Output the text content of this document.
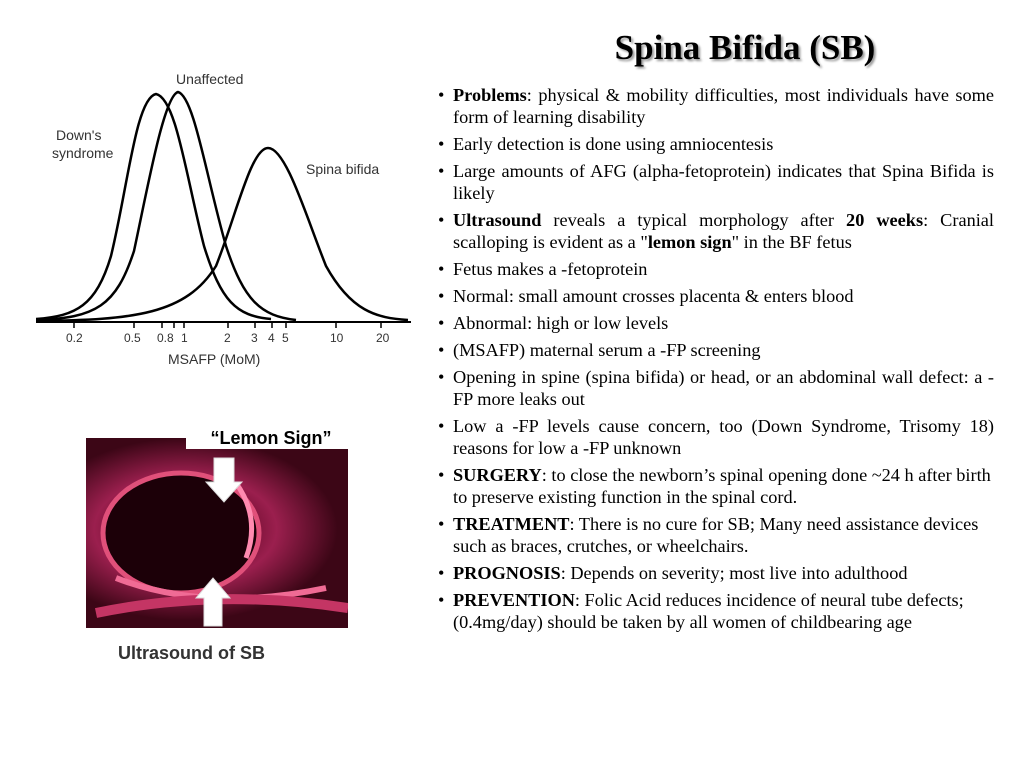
Spina Bifida (SB)
0.2	0.5 0.8 1	2 3 4 5	10	20
MSAFP (MoM)
Down's
syndrome
Unaffected
Spina bifida
“Lemon Sign”
Ultrasound of SB
• Problems: physical & mobility difficulties, most individuals have some form of learning disability
• Early detection is done using amniocentesis
• Large amounts of AFG (alpha-fetoprotein) indicates that Spina Bifida is likely
• Ultrasound reveals a typical morphology after 20 weeks: Cranial scalloping is evident as a "lemon sign" in the BF fetus
• Fetus makes a -fetoprotein
• Normal: small amount crosses placenta & enters blood
• Abnormal: high or low levels
• (MSAFP) maternal serum a -FP screening
• Opening in spine (spina bifida) or head, or an abdominal wall defect: a -FP more leaks out
• Low a -FP levels cause concern, too (Down Syndrome, Trisomy 18) reasons for low a -FP unknown
• SURGERY: to close the newborn’s spinal opening done ~24 h after birth to preserve existing function in the spinal cord.
• TREATMENT: There is no cure for SB; Many need assistance devices such as braces, crutches, or wheelchairs.
• PROGNOSIS: Depends on severity; most live into adulthood
• PREVENTION: Folic Acid reduces incidence of neural tube defects; (0.4mg/day) should be taken by all women of childbearing age
